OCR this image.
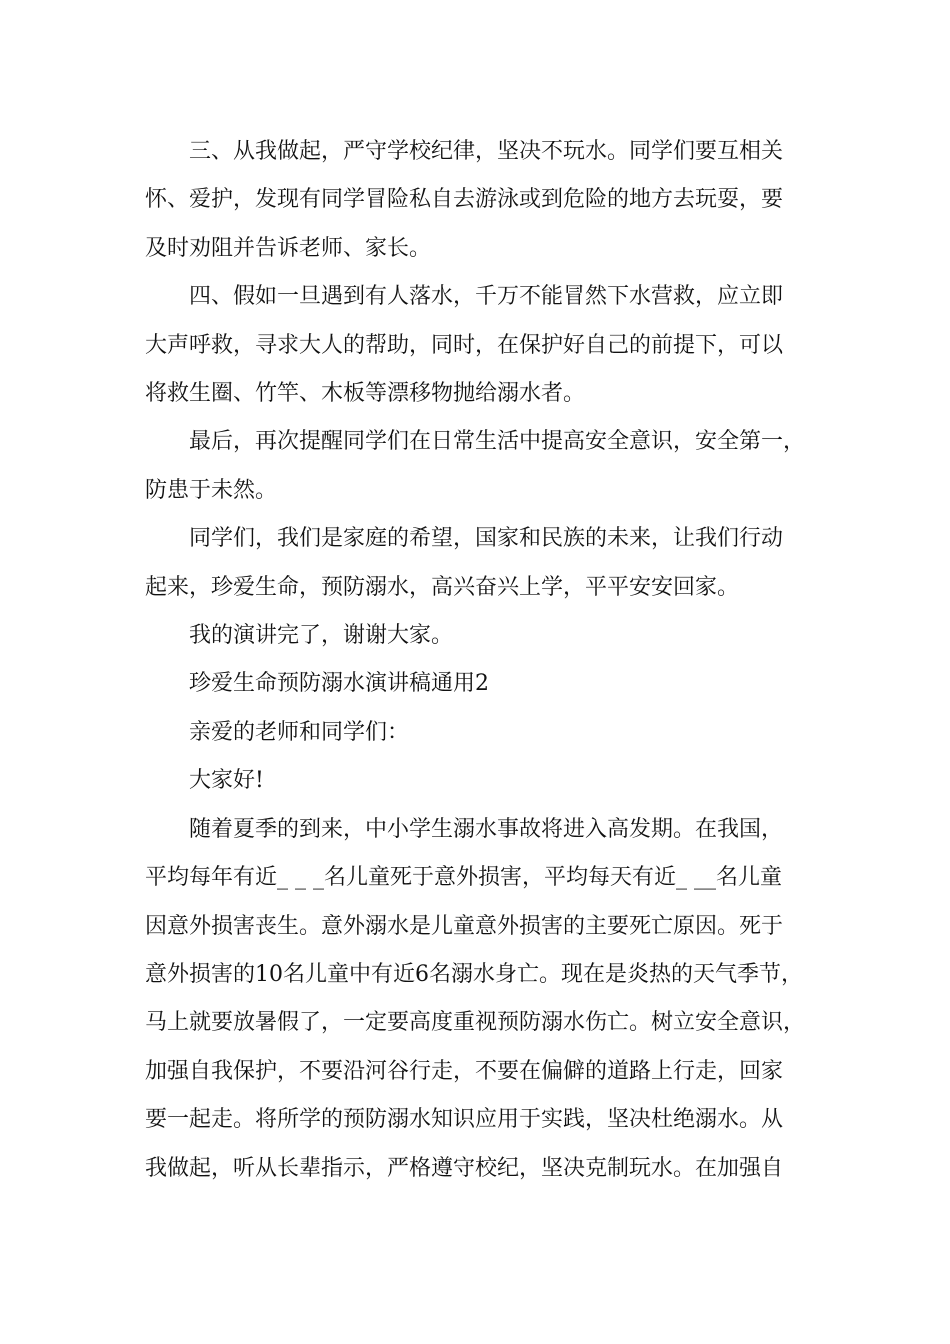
三、从我做起，严守学校纪律，坚决不玩水。同学们要互相关
怀、爱护，发现有同学冒险私自去游泳或到危险的地方去玩耍，要
及时劝阻并告诉老师、家长。

四、假如一旦遇到有人落水，千万不能冒然下水营救，应立即
大声呼救，寻求大人的帮助，同时，在保护好自己的前提下，可以
将救生圈、竹竿、木板等漂移物抛给溺水者。

最后，再次提醒同学们在日常生活中提高安全意识，安全第一，
防患于未然。

同学们，我们是家庭的希望，国家和民族的未来，让我们行动
起来，珍爱生命，预防溺水，高兴奋兴上学，平平安安回家。

我的演讲完了，谢谢大家。

珍爱生命预防溺水演讲稿通用2

亲爱的老师和同学们：

大家好!

随着夏季的到来，中小学生溺水事故将进入高发期。在我国，
平均每年有近_ _ _名儿童死于意外损害，平均每天有近_ __名儿童
因意外损害丧生。意外溺水是儿童意外损害的主要死亡原因。死于
意外损害的10名儿童中有近6名溺水身亡。现在是炎热的天气季节，
马上就要放暑假了，一定要高度重视预防溺水伤亡。树立安全意识，
加强自我保护，不要沿河谷行走，不要在偏僻的道路上行走，回家
要一起走。将所学的预防溺水知识应用于实践，坚决杜绝溺水。从
我做起，听从长辈指示，严格遵守校纪，坚决克制玩水。在加强自
